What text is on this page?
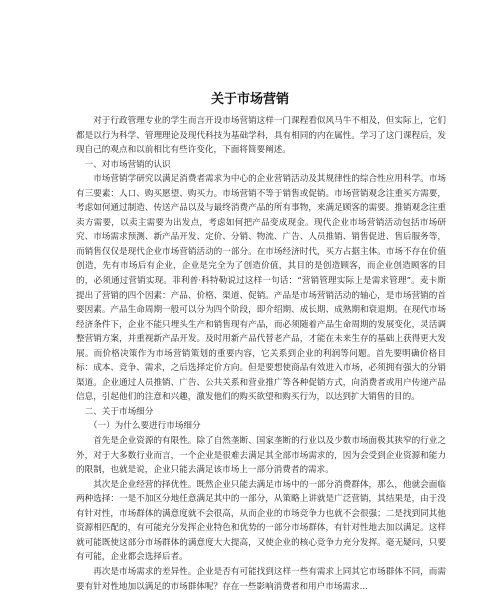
关于市场营销

对于行政管理专业的学生而言开设市场营销这样一门课程看似风马牛不相及，但实际上，它们都是以行为科学、管理理论及现代科技为基础学科，具有相同的内在属性。学习了这门课程后，发现自己的观点和以前相比有些许变化，下面将简要阐述。

一、对市场营销的认识

市场营销学研究以满足消费者需求为中心的企业营销活动及其规律性的综合性应用科学。市场有三要素：人口、购买愿望、购买力。市场营销不等于销售或促销。市场营销观念注重买方需要，考虑如何通过制造、传送产品以及与最终消费产品的所有事物，来满足顾客的需要。推销观念注重卖方需要，以卖主需要为出发点，考虑如何把产品变成现金。现代企业市场营销活动包括市场研究、市场需求预测、新产品开发、定价、分销、物流、广告、人员推销、销售促进、售后服务等，而销售仅仅是现代企业市场营销活动的一部分。在市场经济时代，买方占据主体。市场不存在价值创造，先有市场后有企业，企业是完全为了创造价值，其目的是创造顾客，而企业创造顾客的目的，必须通过营销实现。菲利普·科特勒说过这样一句话：“营销管理实际上是需求管理”。麦卡斯提出了营销的四个因素：产品、价格、渠道、促销。产品是市场营销活动的轴心，是市场营销的首要因素。产品生命周期一般可以分为四个阶段，即介绍期、成长期、成熟期和衰退期。在现代市场经济条件下，企业不能只埋头生产和销售现有产品，而必须随着产品生命周期的发展变化，灵活调整营销方案，并重视新产品开发。及时用新产品代替老产品，才能在未来生存的基础上获得更大发展。而价格决策作为市场营销策划的重要内容，它关系到企业的利润等问题。首先要明确价格目标：成本、竞争、需求，之后选择定价方向。但是要想使商品有效进入市场，必须拥有强大的分销渠道。企业通过人员推销、广告、公共关系和营业推广等各种促销方式，向消费者或用户传递产品信息，引起他们的注意和兴趣，激发他们的购买欲望和购买行为，以达到扩大销售的目的。

二、关于市场细分

（一）为什么要进行市场细分

首先是企业资源的有限性。除了自然垄断、国家垄断的行业以及少数市场面极其狭窄的行业之外，对于大多数行业而言，一个企业是很难去满足其全部市场需求的，因为会受到企业资源和能力的限制，也就是说，企业只能去满足该市场上一部分消费者的需求。

其次是企业经营的择优性。既然企业只能去满足市场中的一部分消费群体，那么，他就会面临两种选择：一是不加区分地任意满足其中的一部分，从策略上讲就是广泛营销，其结果是，由于没有针对性，市场群体的满意度就不会很高，从而企业的市场竞争力也就不会很强；二是找到同其他资源相匹配的，有可能充分发挥企业特色和优势的一部分市场群体，有针对性地去加以满足。这样就可能既使这部分市场群体的满意度大大提高，又使企业的核心竞争力充分发挥。毫无疑问，只要有可能，企业都会选择后者。

再次是市场需求的差异性。企业是否有可能找到这样一些有需求上同其它市场群体不同，而需要有针对性地加以满足的市场群体呢？存在一些影响消费者和用户市场需求...
